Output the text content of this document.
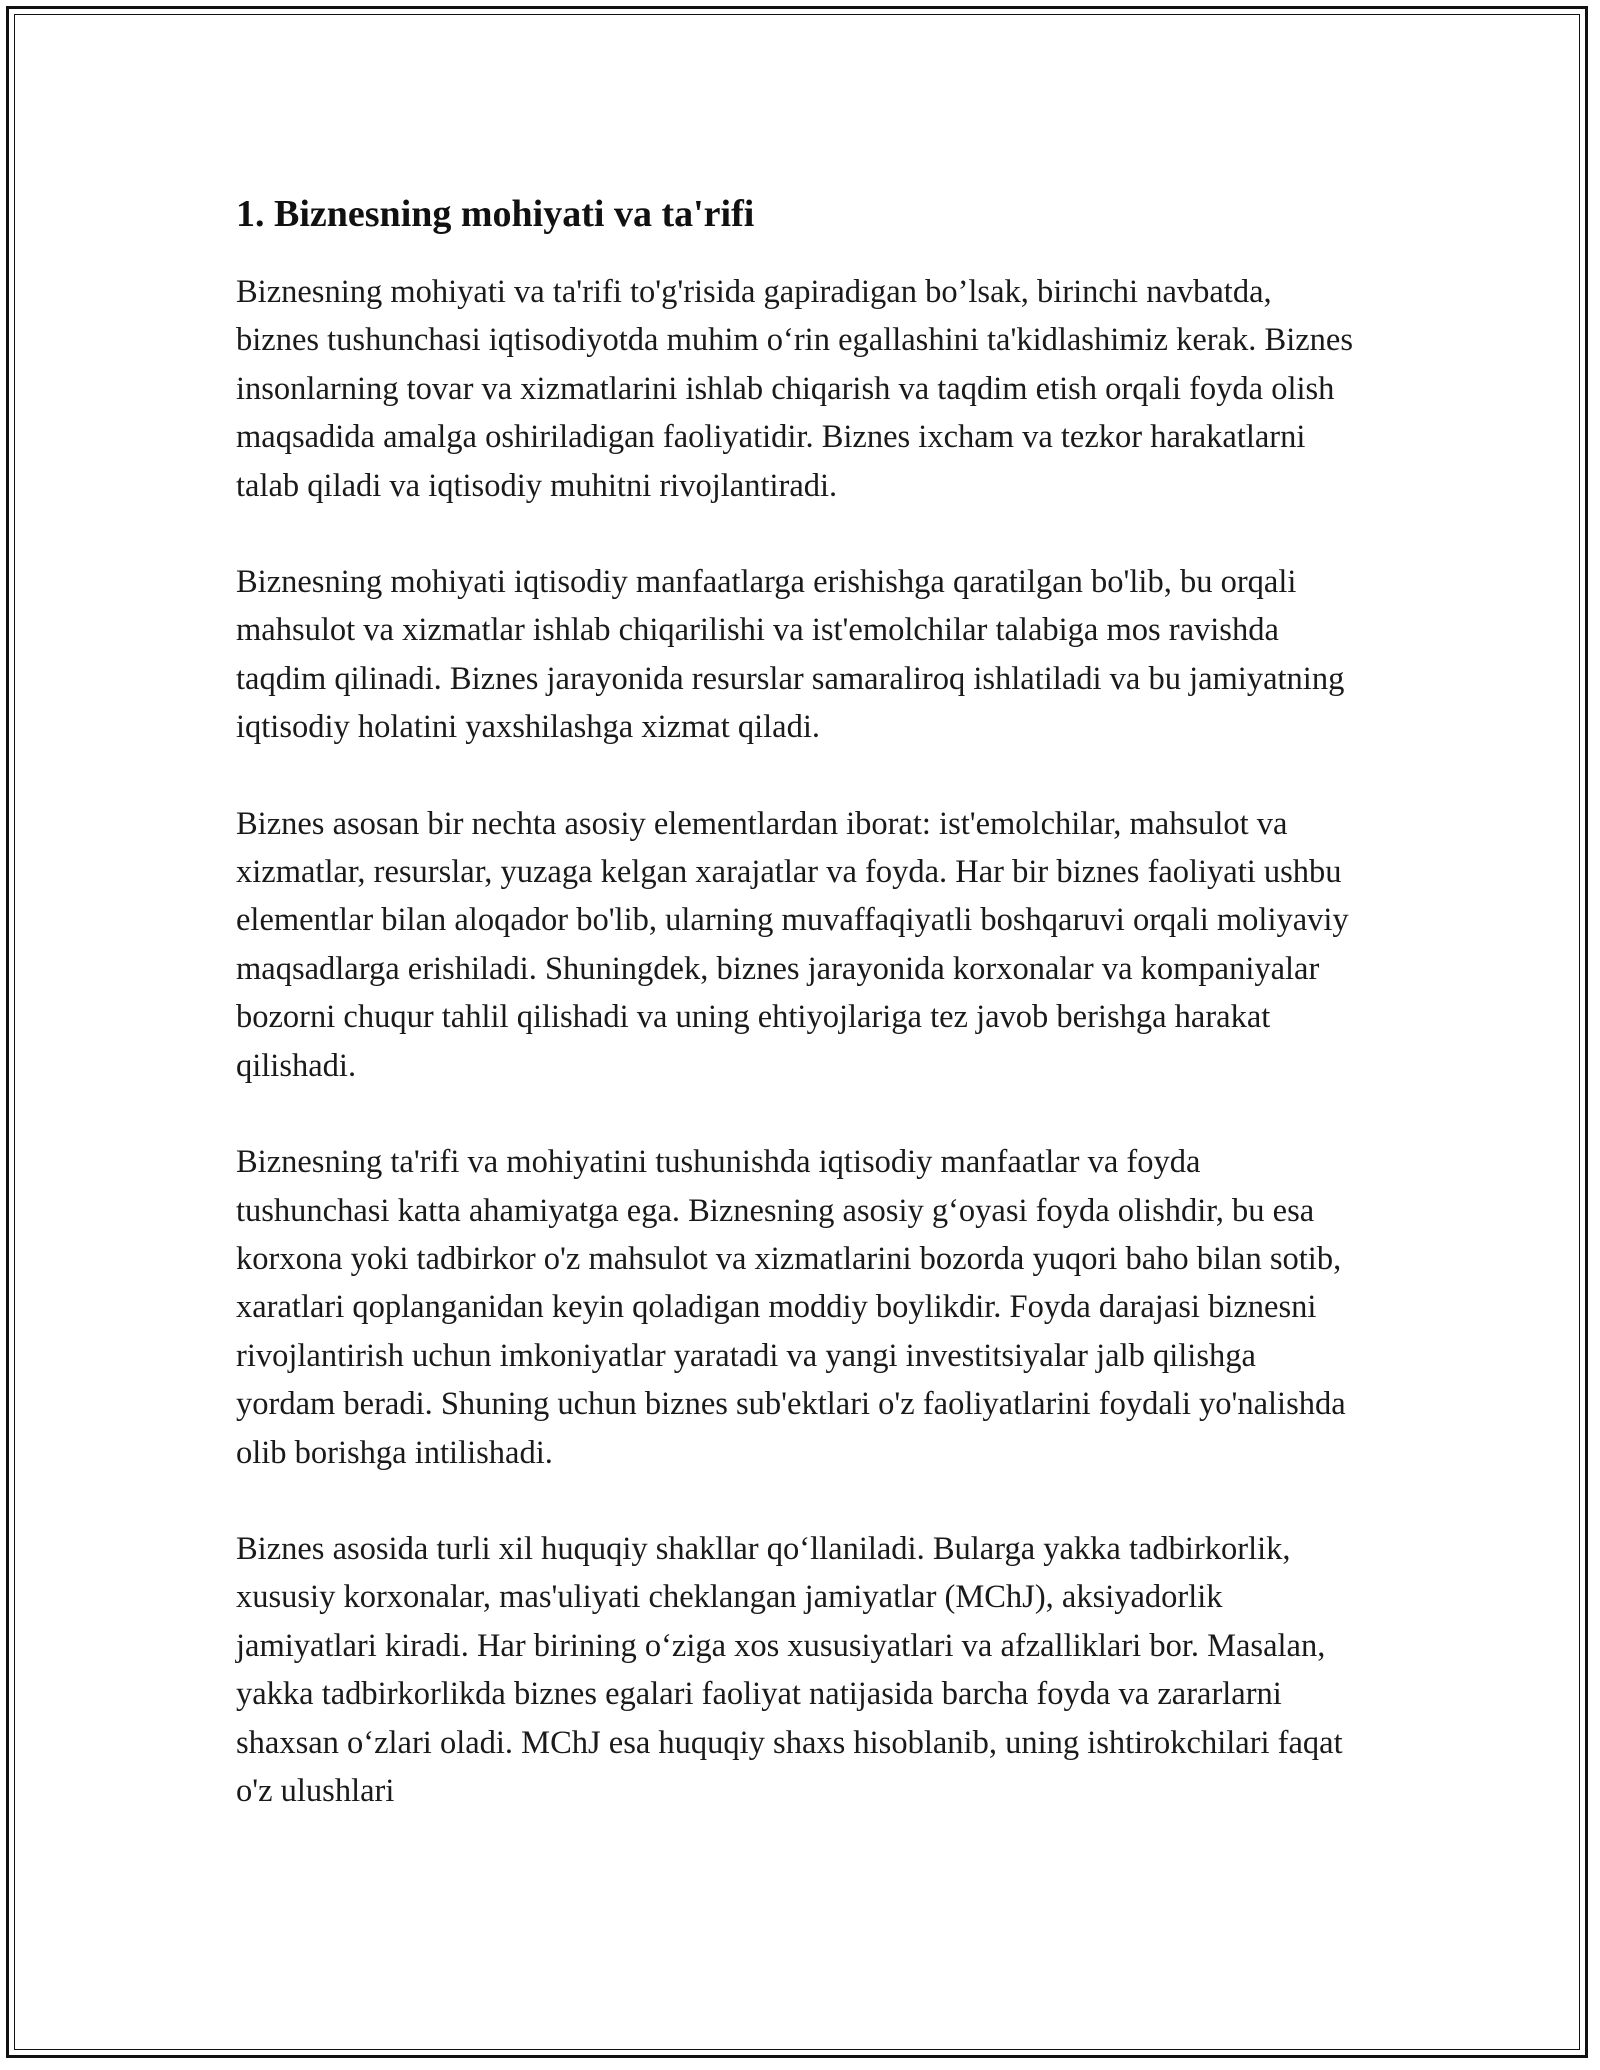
1. Biznesning mohiyati va ta'rifi

Biznesning mohiyati va ta'rifi to'g'risida gapiradigan bo’lsak, birinchi navbatda, biznes tushunchasi iqtisodiyotda muhim o‘rin egallashini ta'kidlashimiz kerak. Biznes insonlarning tovar va xizmatlarini ishlab chiqarish va taqdim etish orqali foyda olish maqsadida amalga oshiriladigan faoliyatidir. Biznes ixcham va tezkor harakatlarni talab qiladi va iqtisodiy muhitni rivojlantiradi.

Biznesning mohiyati iqtisodiy manfaatlarga erishishga qaratilgan bo'lib, bu orqali mahsulot va xizmatlar ishlab chiqarilishi va ist'emolchilar talabiga mos ravishda taqdim qilinadi. Biznes jarayonida resurslar samaraliroq ishlatiladi va bu jamiyatning iqtisodiy holatini yaxshilashga xizmat qiladi.

Biznes asosan bir nechta asosiy elementlardan iborat: ist'emolchilar, mahsulot va xizmatlar, resurslar, yuzaga kelgan xarajatlar va foyda. Har bir biznes faoliyati ushbu elementlar bilan aloqador bo'lib, ularning muvaffaqiyatli boshqaruvi orqali moliyaviy maqsadlarga erishiladi. Shuningdek, biznes jarayonida korxonalar va kompaniyalar bozorni chuqur tahlil qilishadi va uning ehtiyojlariga tez javob berishga harakat qilishadi.

Biznesning ta'rifi va mohiyatini tushunishda iqtisodiy manfaatlar va foyda tushunchasi katta ahamiyatga ega. Biznesning asosiy g‘oyasi foyda olishdir, bu esa korxona yoki tadbirkor o'z mahsulot va xizmatlarini bozorda yuqori baho bilan sotib, xaratlari qoplanganidan keyin qoladigan moddiy boylikdir. Foyda darajasi biznesni rivojlantirish uchun imkoniyatlar yaratadi va yangi investitsiyalar jalb qilishga yordam beradi. Shuning uchun biznes sub'ektlari o'z faoliyatlarini foydali yo'nalishda olib borishga intilishadi.

Biznes asosida turli xil huquqiy shakllar qo‘llaniladi. Bularga yakka tadbirkorlik, xususiy korxonalar, mas'uliyati cheklangan jamiyatlar (MChJ), aksiyadorlik jamiyatlari kiradi. Har birining o‘ziga xos xususiyatlari va afzalliklari bor. Masalan, yakka tadbirkorlikda biznes egalari faoliyat natijasida barcha foyda va zararlarni shaxsan o‘zlari oladi. MChJ esa huquqiy shaxs hisoblanib, uning ishtirokchilari faqat o'z ulushlari
